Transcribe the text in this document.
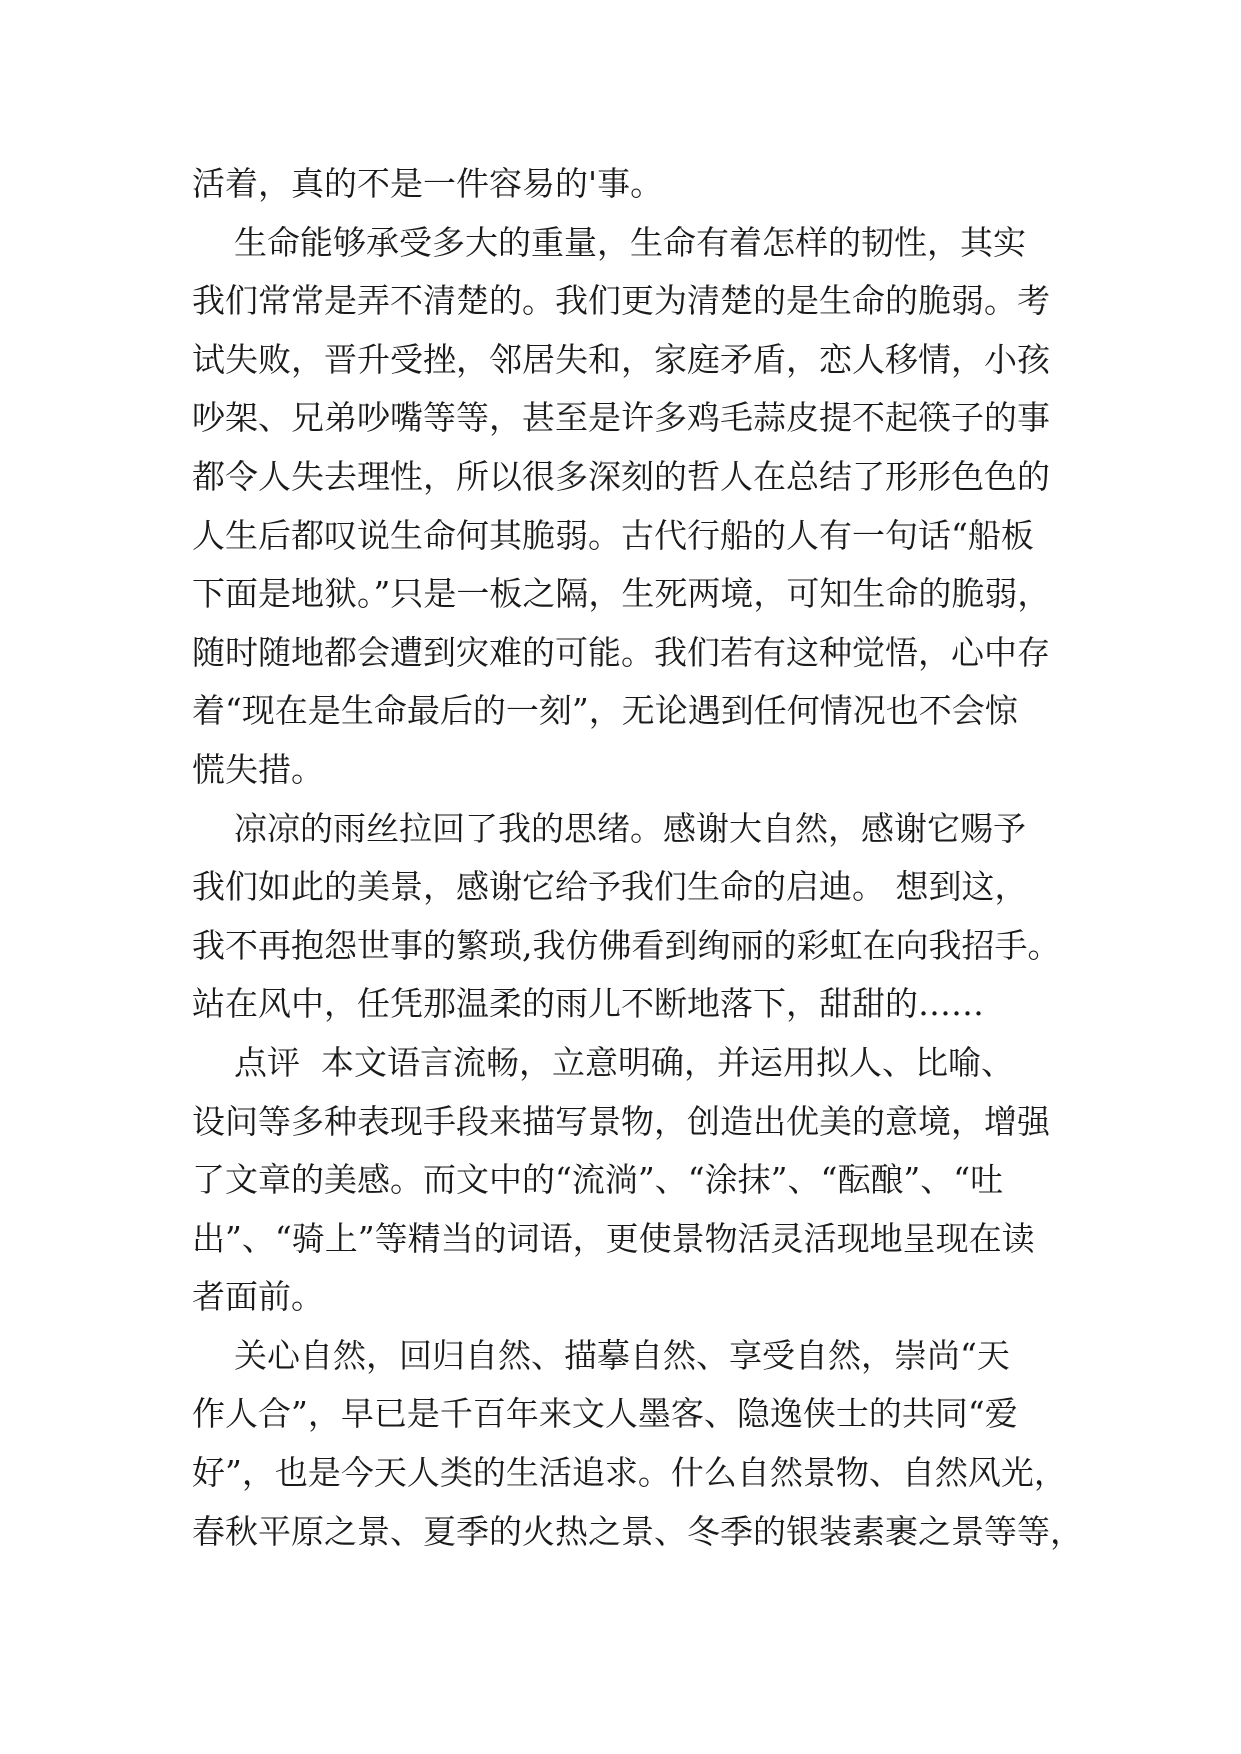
活着，真的不是一件容易的'事。
生命能够承受多大的重量，生命有着怎样的韧性，其实
我们常常是弄不清楚的。我们更为清楚的是生命的脆弱。考
试失败，晋升受挫，邻居失和，家庭矛盾，恋人移情，小孩
吵架、兄弟吵嘴等等，甚至是许多鸡毛蒜皮提不起筷子的事
都令人失去理性，所以很多深刻的哲人在总结了形形色色的
人生后都叹说生命何其脆弱。古代行船的人有一句话“船板
下面是地狱。”只是一板之隔，生死两境，可知生命的脆弱，
随时随地都会遭到灾难的可能。我们若有这种觉悟，心中存
着“现在是生命最后的一刻”，无论遇到任何情况也不会惊
慌失措。
凉凉的雨丝拉回了我的思绪。感谢大自然，感谢它赐予
我们如此的美景，感谢它给予我们生命的启迪。 想到这，
我不再抱怨世事的繁琐,我仿佛看到绚丽的彩虹在向我招手。
站在风中，任凭那温柔的雨儿不断地落下，甜甜的……
点评  本文语言流畅，立意明确，并运用拟人、比喻、
设问等多种表现手段来描写景物，创造出优美的意境，增强
了文章的美感。而文中的“流淌”、“涂抹”、“酝酿”、“吐
出”、“骑上”等精当的词语，更使景物活灵活现地呈现在读
者面前。
关心自然，回归自然、描摹自然、享受自然，崇尚“天
作人合”，早已是千百年来文人墨客、隐逸侠士的共同“爱
好”，也是今天人类的生活追求。什么自然景物、自然风光，
春秋平原之景、夏季的火热之景、冬季的银装素裹之景等等，
